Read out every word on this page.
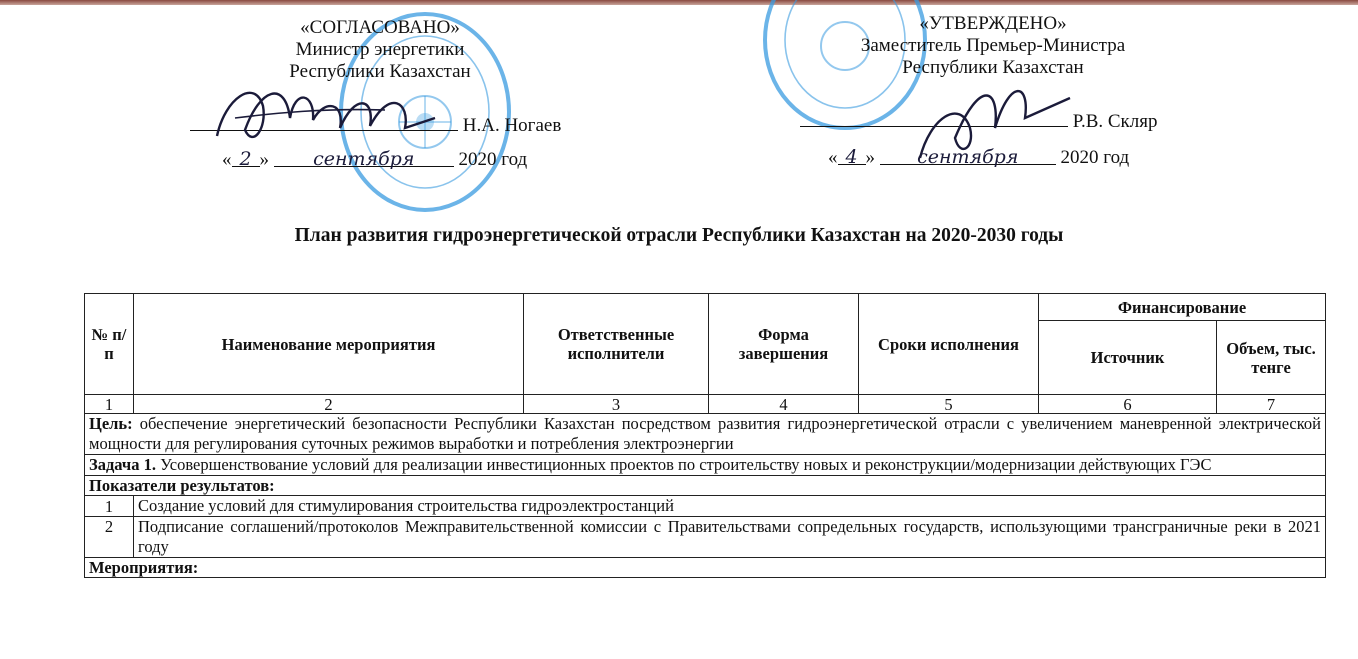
«СОГЛАСОВАНО»
Министр энергетики
Республики Казахстан
Н.А. Ногаев
« 2 » сентября 2020 год
«УТВЕРЖДЕНО»
Заместитель Премьер-Министра
Республики Казахстан
Р.В. Скляр
« 4 » сентября 2020 год
План развития гидроэнергетической отрасли Республики Казахстан на 2020-2030 годы
№ п/п	Наименование мероприятия	Ответственные исполнители	Форма завершения	Сроки исполнения	Финансирование	
					Источник	Объем, тыс. тенге
1	2	3	4	5	6	7
Цель: обеспечение энергетический безопасности Республики Казахстан посредством развития гидроэнергетической отрасли с увеличением маневренной электрической мощности для регулирования суточных режимов выработки и потребления электроэнергии						
Задача 1. Усовершенствование условий для реализации инвестиционных проектов по строительству новых и реконструкции/модернизации действующих ГЭС						
Показатели результатов:						
1	Создание условий для стимулирования строительства гидроэлектростанций					
2	Подписание соглашений/протоколов Межправительственной комиссии с Правительствами сопредельных государств, использующими трансграничные реки в 2021 году					
Мероприятия:						
